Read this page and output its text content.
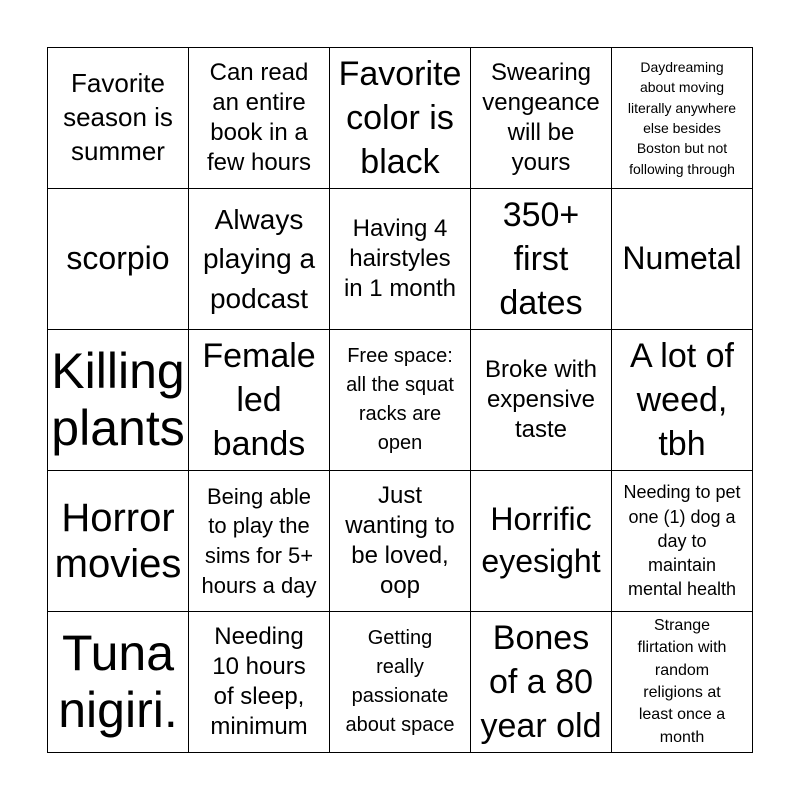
Favorite
season is
summer
Can read
an entire
book in a
few hours
Favorite
color is
black
Swearing
vengeance
will be
yours
Daydreaming
about moving
literally anywhere
else besides
Boston but not
following through
scorpio
Always
playing a
podcast
Having 4
hairstyles
in 1 month
350+
first
dates
Numetal
Killing
plants
Female
led
bands
Free space:
all the squat
racks are
open
Broke with
expensive
taste
A lot of
weed,
tbh
Horror
movies
Being able
to play the
sims for 5+
hours a day
Just
wanting to
be loved,
oop
Horrific
eyesight
Needing to pet
one (1) dog a
day to
maintain
mental health
Tuna
nigiri.
Needing
10 hours
of sleep,
minimum
Getting
really
passionate
about space
Bones
of a 80
year old
Strange
flirtation with
random
religions at
least once a
month
